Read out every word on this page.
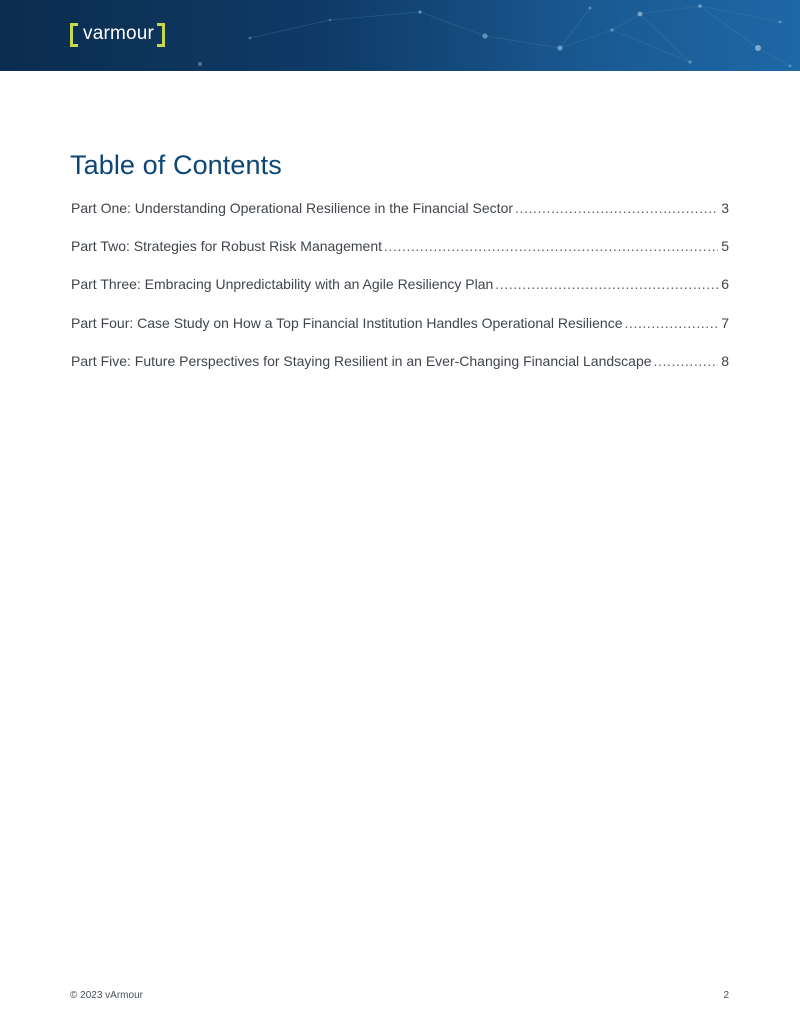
varmour
Table of Contents
Part One: Understanding Operational Resilience in the Financial Sector .....	3
Part Two: Strategies for Robust Risk Management .....	5
Part Three: Embracing Unpredictability with an Agile Resiliency Plan .....	6
Part Four: Case Study on How a Top Financial Institution Handles Operational Resilience .....	7
Part Five: Future Perspectives for Staying Resilient in an Ever-Changing Financial Landscape .....	8
© 2023 vArmour	2
